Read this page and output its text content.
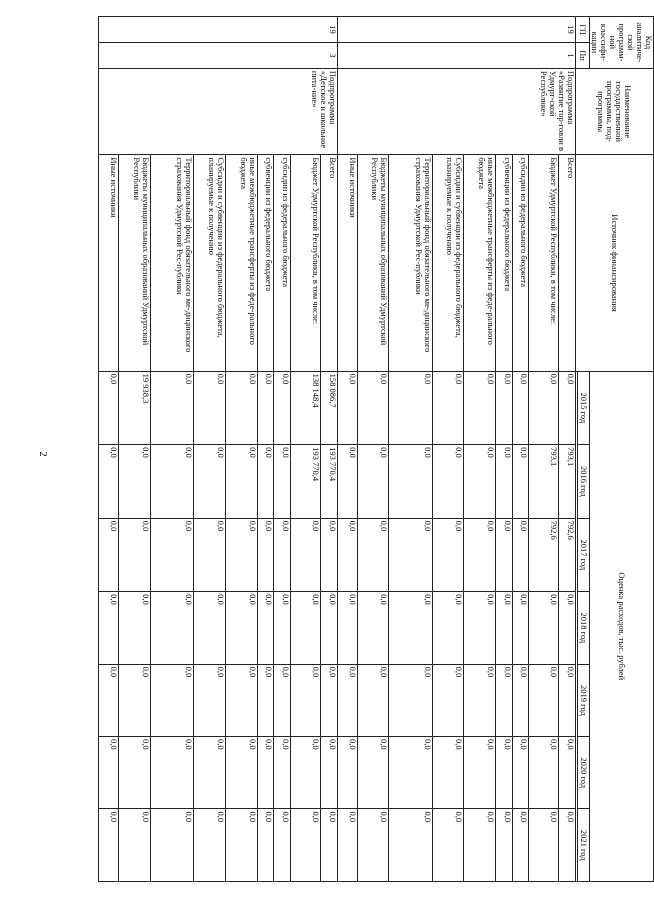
2
Код аналитиче-ской программ-ной классифи-кации		Наименование государственной программы, под-программы	Источник финансирования	Оценка расходов, тыс. рублей						
ГП	Пп			2015 год	2016 год	2017 год	2018 год	2019 год	2020 год	2021 год

19	1	Подпрограмма «Развитие тор-говли в Удмурт-ской Республике»	Всего	0,0	793,1	792,6	0,0	0,0	0,0	0,0
			Бюджет Удмуртской Республики, в том числе:	0,0	793,1	792,6	0,0	0,0	0,0	0,0
			субсидии из федерального бюджета	0,0	0,0	0,0	0,0	0,0	0,0	0,0
			субвенции из федерального бюджета	0,0	0,0	0,0	0,0	0,0	0,0	0,0
			иные межбюджетные трансферты из феде-рального бюджета	0,0	0,0	0,0	0,0	0,0	0,0	0,0
			Субсидии и субвенции из федерального бюджета, планируемые к получению	0,0	0,0	0,0	0,0	0,0	0,0	0,0
			Территориальный фонд обязательного ме-дицинского страхования Удмуртской Рес-публики	0,0	0,0	0,0	0,0	0,0	0,0	0,0
			Бюджеты муниципальных образований Удмуртской Республики	0,0	0,0	0,0	0,0	0,0	0,0	0,0
			Иные источники	0,0	0,0	0,0	0,0	0,0	0,0	0,0
19	3	Подпрограмма «Детское и школьное пита-ние»	Всего	158 086,7	193 770,4	0,0	0,0	0,0	0,0	0,0
			Бюджет Удмуртской Республики, в том числе:	138 148,4	193 770,4	0,0	0,0	0,0	0,0	0,0
			субсидии из федерального бюджета	0,0	0,0	0,0	0,0	0,0	0,0	0,0
			субвенции из федерального бюджета	0,0	0,0	0,0	0,0	0,0	0,0	0,0
			иные межбюджетные трансферты из феде-рального бюджета	0,0	0,0	0,0	0,0	0,0	0,0	0,0
			Субсидии и субвенции из федерального бюджета, планируемые к получению	0,0	0,0	0,0	0,0	0,0	0,0	0,0
			Территориальный фонд обязательного ме-дицинского страхования Удмуртской Рес-публики	0,0	0,0	0,0	0,0	0,0	0,0	0,0
			Бюджеты муниципальных образований Удмуртской Республики	19 938,3	0,0	0,0	0,0	0,0	0,0	0,0
			Иные источники	0,0	0,0	0,0	0,0	0,0	0,0	0,0
